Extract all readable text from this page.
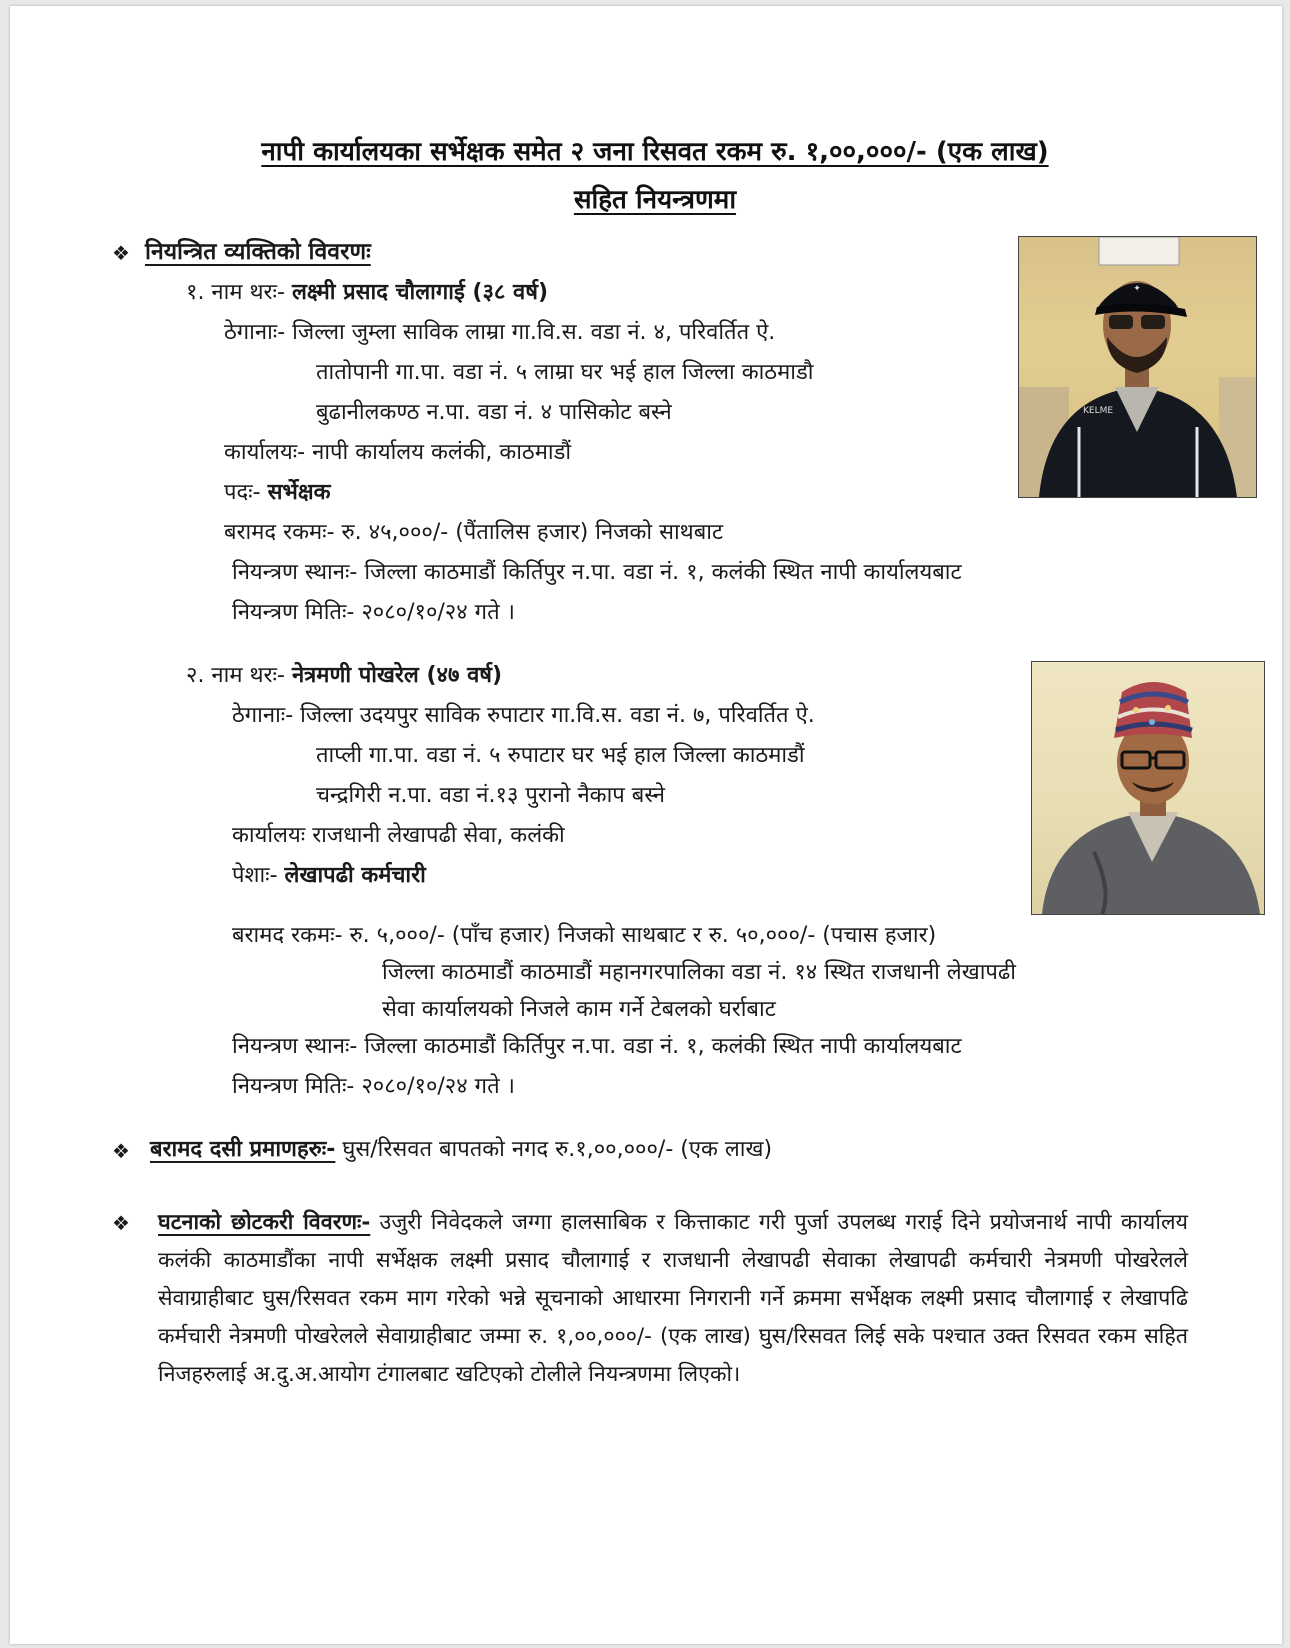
नापी कार्यालयका सर्भेक्षक समेत २ जना रिसवत रकम रु. १,००,०००/- (एक लाख)
सहित नियन्त्रणमा
❖ नियन्त्रित व्यक्तिको विवरणः
१. नाम थरः- लक्ष्मी प्रसाद चौलागाई (३८ वर्ष)
ठेगानाः- जिल्ला जुम्ला साविक लाम्रा गा.वि.स. वडा नं. ४, परिवर्तित ऐ.
तातोपानी गा.पा. वडा नं. ५ लाम्रा घर भई हाल जिल्ला काठमाडौ
बुढानीलकण्ठ न.पा. वडा नं. ४ पासिकोट बस्ने
कार्यालयः- नापी कार्यालय कलंकी, काठमाडौं
पदः- सर्भेक्षक
बरामद रकमः- रु. ४५,०००/- (पैंतालिस हजार) निजको साथबाट
नियन्त्रण स्थानः- जिल्ला काठमाडौं किर्तिपुर न.पा. वडा नं. १, कलंकी स्थित नापी कार्यालयबाट
नियन्त्रण मितिः- २०८०/१०/२४ गते ।
✦
KELME
२. नाम थरः- नेत्रमणी पोखरेल (४७ वर्ष)
ठेगानाः- जिल्ला उदयपुर साविक रुपाटार गा.वि.स. वडा नं. ७, परिवर्तित ऐ.
ताप्ली गा.पा. वडा नं. ५ रुपाटार घर भई हाल जिल्ला काठमाडौं
चन्द्रगिरी न.पा. वडा नं.१३ पुरानो नैकाप बस्ने
कार्यालयः राजधानी लेखापढी सेवा, कलंकी
पेशाः- लेखापढी कर्मचारी
बरामद रकमः- रु. ५,०००/- (पाँच हजार) निजको साथबाट र रु. ५०,०००/- (पचास हजार)
जिल्ला काठमाडौं काठमाडौं महानगरपालिका वडा नं. १४ स्थित राजधानी लेखापढी
सेवा कार्यालयको निजले काम गर्ने टेबलको घर्राबाट
नियन्त्रण स्थानः- जिल्ला काठमाडौं किर्तिपुर न.पा. वडा नं. १, कलंकी स्थित नापी कार्यालयबाट
नियन्त्रण मितिः- २०८०/१०/२४ गते ।
❖ बरामद दसी प्रमाणहरुः- घुस/रिसवत बापतको नगद रु.१,००,०००/- (एक लाख)
❖ घटनाको छोटकरी विवरणः- उजुरी निवेदकले जग्गा हालसाबिक र कित्ताकाट गरी पुर्जा उपलब्ध गराई दिने प्रयोजनार्थ नापी कार्यालय कलंकी काठमाडौंका नापी सर्भेक्षक लक्ष्मी प्रसाद चौलागाई र राजधानी लेखापढी सेवाका लेखापढी कर्मचारी नेत्रमणी पोखरेलले सेवाग्राहीबाट घुस/रिसवत रकम माग गरेको भन्ने सूचनाको आधारमा निगरानी गर्ने क्रममा सर्भेक्षक लक्ष्मी प्रसाद चौलागाई र लेखापढि कर्मचारी नेत्रमणी पोखरेलले सेवाग्राहीबाट जम्मा रु. १,००,०००/- (एक लाख) घुस/रिसवत लिई सके पश्चात उक्त रिसवत रकम सहित निजहरुलाई अ.दु.अ.आयोग टंगालबाट खटिएको टोलीले नियन्त्रणमा लिएको।
